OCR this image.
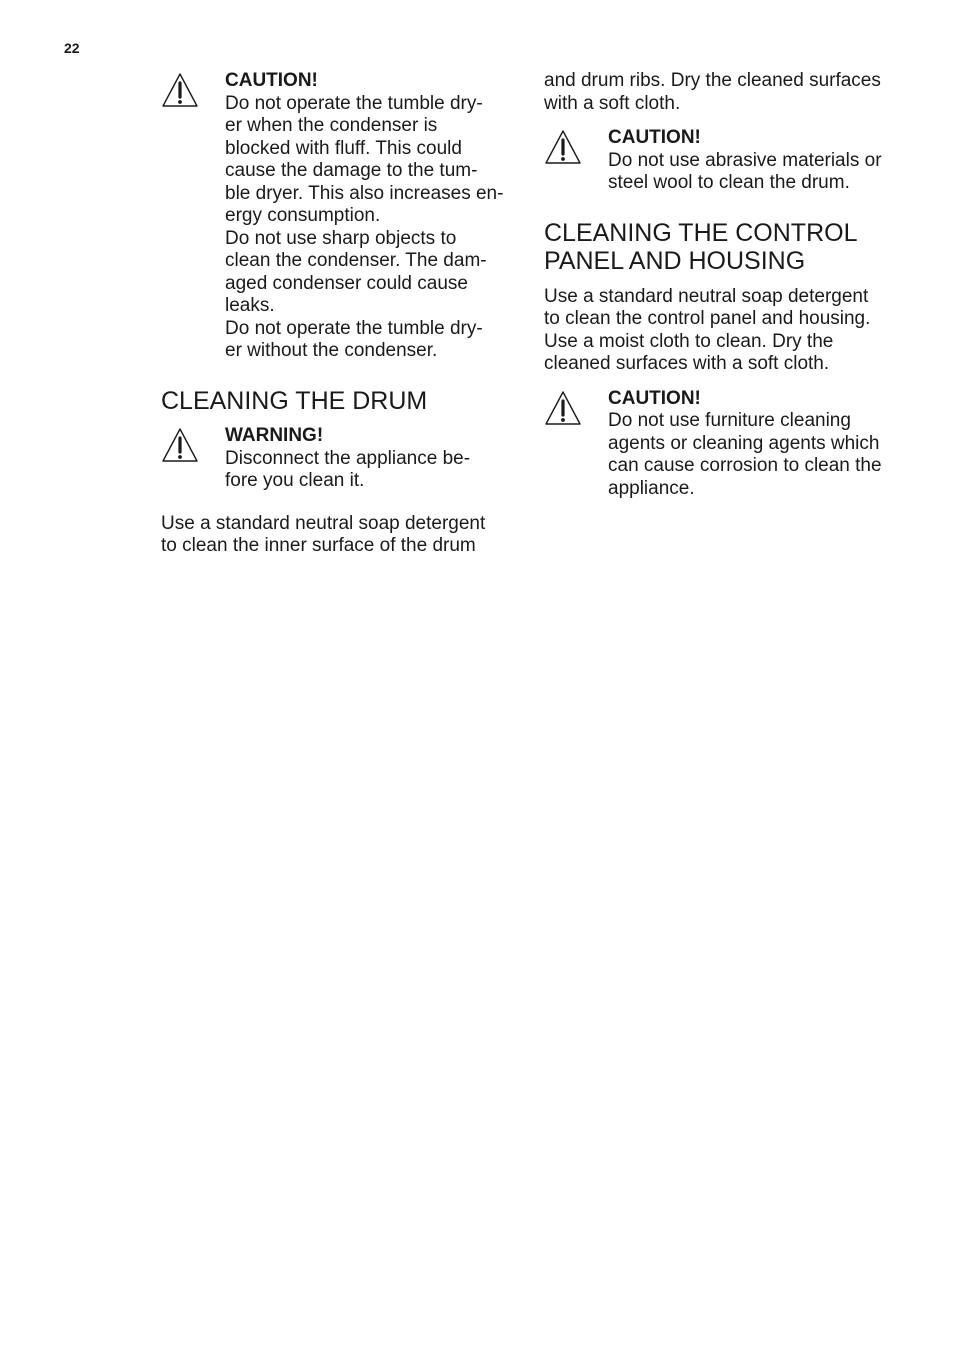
22
CAUTION!
Do not operate the tumble dry-
er when the condenser is
blocked with fluff. This could
cause the damage to the tum-
ble dryer. This also increases en-
ergy consumption.
Do not use sharp objects to
clean the condenser. The dam-
aged condenser could cause
leaks.
Do not operate the tumble dry-
er without the condenser.
CLEANING THE DRUM
WARNING!
Disconnect the appliance be-
fore you clean it.

Use a standard neutral soap detergent
to clean the inner surface of the drum

and drum ribs. Dry the cleaned surfaces
with a soft cloth.

CAUTION!
Do not use abrasive materials or
steel wool to clean the drum.
CLEANING THE CONTROL
PANEL AND HOUSING

Use a standard neutral soap detergent
to clean the control panel and housing.
Use a moist cloth to clean. Dry the
cleaned surfaces with a soft cloth.

CAUTION!
Do not use furniture cleaning
agents or cleaning agents which
can cause corrosion to clean the
appliance.
